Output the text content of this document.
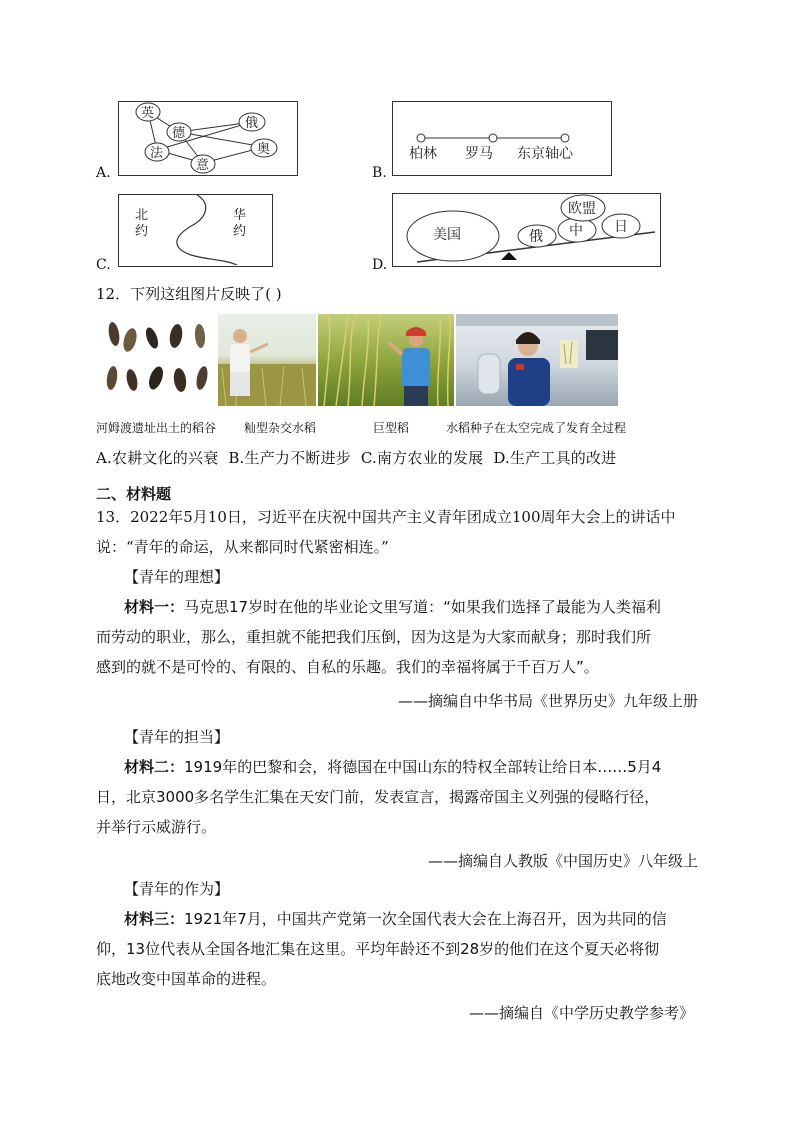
英
德
俄
法
意
奥
A.
柏林 罗马 东京轴心
B.
北
约
华
约
C.
美国	俄 中
欧盟
日
D.
12．下列这组图片反映了( )
河姆渡遗址出土的稻谷 籼型杂交水稻	巨型稻	水稻种子在太空完成了发育全过程
A.农耕文化的兴衰  B.生产力不断进步  C.南方农业的发展  D.生产工具的改进
二、材料题
13．2022年5月10日，习近平在庆祝中国共产主义青年团成立100周年大会上的讲话中
说：“青年的命运，从来都同时代紧密相连。”
【青年的理想】
材料一：马克思17岁时在他的毕业论文里写道：“如果我们选择了最能为人类福利
而劳动的职业，那么，重担就不能把我们压倒，因为这是为大家而献身；那时我们所
感到的就不是可怜的、有限的、自私的乐趣。我们的幸福将属于千百万人”。
——摘编自中华书局《世界历史》九年级上册
【青年的担当】
材料二：1919年的巴黎和会，将德国在中国山东的特权全部转让给日本……5月4
日，北京3000多名学生汇集在天安门前，发表宣言，揭露帝国主义列强的侵略行径，
并举行示威游行。
——摘编自人教版《中国历史》八年级上
【青年的作为】
材料三：1921年7月，中国共产党第一次全国代表大会在上海召开，因为共同的信
仰，13位代表从全国各地汇集在这里。平均年龄还不到28岁的他们在这个夏天必将彻
底地改变中国革命的进程。
——摘编自《中学历史教学参考》
